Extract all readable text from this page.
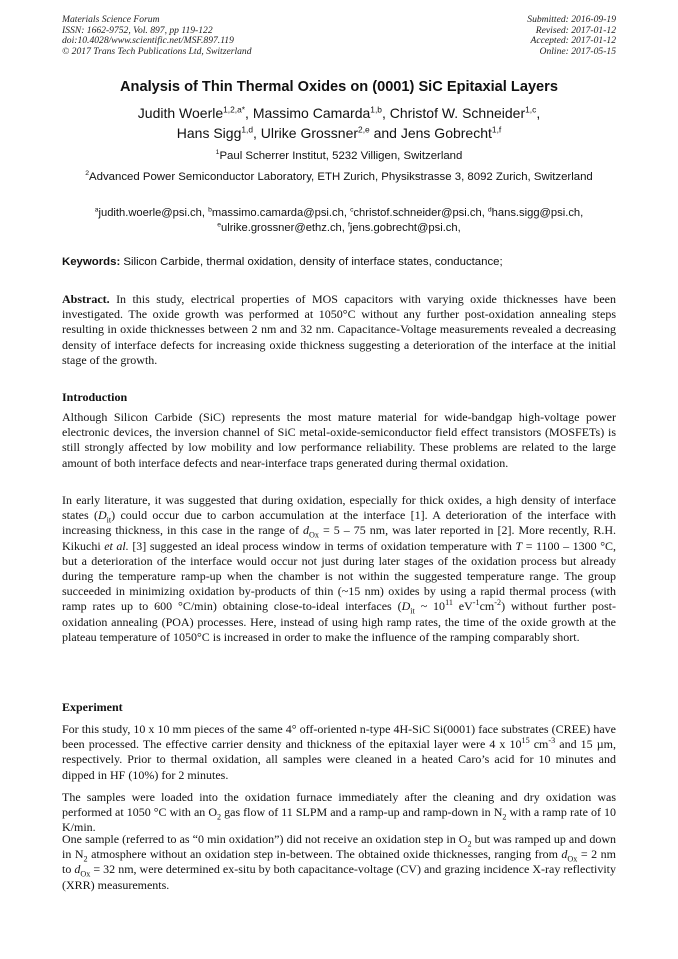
Materials Science Forum
ISSN: 1662-9752, Vol. 897, pp 119-122
doi:10.4028/www.scientific.net/MSF.897.119
© 2017 Trans Tech Publications Ltd, Switzerland
Submitted: 2016-09-19
Revised: 2017-01-12
Accepted: 2017-01-12
Online: 2017-05-15
Analysis of Thin Thermal Oxides on (0001) SiC Epitaxial Layers
Judith Woerle$^{1,2,a*}$, Massimo Camarda$^{1,b}$, Christof W. Schneider$^{1,c}$,
Hans Sigg$^{1,d}$, Ulrike Grossner$^{2,e}$ and Jens Gobrecht$^{1,f}$
$^1$Paul Scherrer Institut, 5232 Villigen, Switzerland
$^2$Advanced Power Semiconductor Laboratory, ETH Zurich, Physikstrasse 3, 8092 Zurich, Switzerland
$^a$judith.woerle@psi.ch, $^b$massimo.camarda@psi.ch, $^c$christof.schneider@psi.ch, $^d$hans.sigg@psi.ch,
$^e$ulrike.grossner@ethz.ch, $^f$jens.gobrecht@psi.ch,
Keywords: Silicon Carbide, thermal oxidation, density of interface states, conductance;
Abstract. In this study, electrical properties of MOS capacitors with varying oxide thicknesses have been investigated. The oxide growth was performed at 1050°C without any further post-oxidation annealing steps resulting in oxide thicknesses between 2 nm and 32 nm. Capacitance-Voltage measurements revealed a decreasing density of interface defects for increasing oxide thickness suggesting a deterioration of the interface at the initial stage of the growth.
Introduction

Although Silicon Carbide (SiC) represents the most mature material for wide-bandgap high-voltage power electronic devices, the inversion channel of SiC metal-oxide-semiconductor field effect transistors (MOSFETs) is still strongly affected by low mobility and low performance reliability. These problems are related to the large amount of both interface defects and near-interface traps generated during thermal oxidation.

In early literature, it was suggested that during oxidation, especially for thick oxides, a high density of interface states $(D_{it})$ could occur due to carbon accumulation at the interface [1]. A deterioration of the interface with increasing thickness, in this case in the range of $d_{Ox} = 5 - 75$ nm, was later reported in [2]. More recently, R.H. Kikuchi et al. [3] suggested an ideal process window in terms of oxidation temperature with T = 1100 – 1300 °C, but a deterioration of the interface would occur not just during later stages of the oxidation process but already during the temperature ramp-up when the chamber is not within the suggested temperature range. The group succeeded in minimizing oxidation by-products of thin (~15 nm) oxides by using a rapid thermal process (with ramp rates up to 600 °C/min) obtaining close-to-ideal interfaces ($D_{it}$ ~ $10^{11}$ $eV^{-1}cm^{-2}$) without further post-oxidation annealing (POA) processes. Here, instead of using high ramp rates, the time of the oxide growth at the plateau temperature of 1050°C is increased in order to make the influence of the ramping comparably short.

Experiment

For this study, 10 x 10 mm pieces of the same 4° off-oriented n-type 4H-SiC Si(0001) face substrates (CREE) have been processed. The effective carrier density and thickness of the epitaxial layer were 4 x $10^{15}$ $cm^{-3}$ and 15 µm, respectively. Prior to thermal oxidation, all samples were cleaned in a heated Caro’s acid for 10 minutes and dipped in HF (10%) for 2 minutes.

The samples were loaded into the oxidation furnace immediately after the cleaning and dry oxidation was performed at 1050 °C with an $O_2$ gas flow of 11 SLPM and a ramp-up and ramp-down in $N_2$ with a ramp rate of 10 K/min.

One sample (referred to as “0 min oxidation”) did not receive an oxidation step in $O_2$ but was ramped up and down in $N_2$ atmosphere without an oxidation step in-between. The obtained oxide thicknesses, ranging from $d_{Ox} = 2$ nm to $d_{Ox} = 32$ nm, were determined ex-situ by both capacitance-voltage (CV) and grazing incidence X-ray reflectivity (XRR) measurements.
